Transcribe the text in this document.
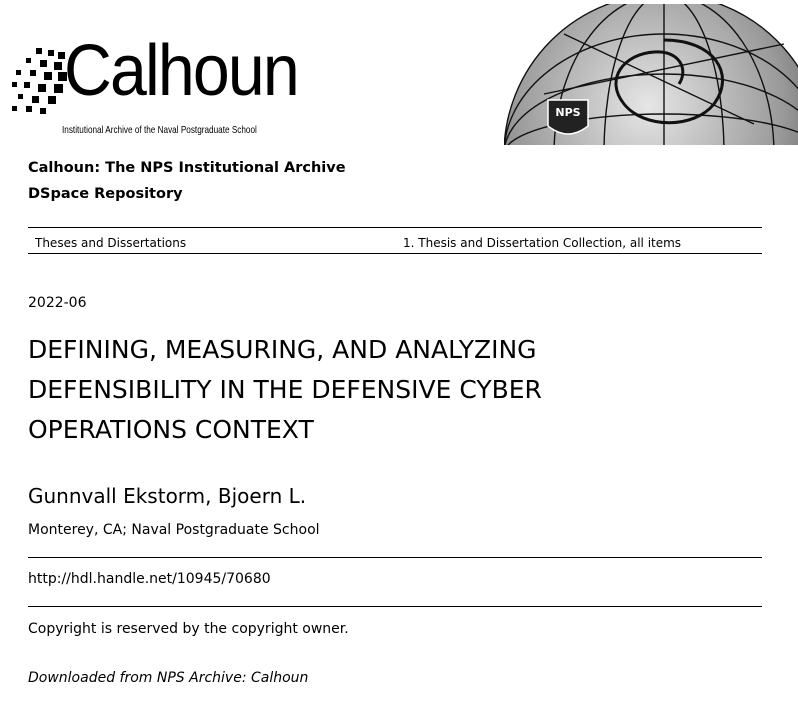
Calhoun
Institutional Archive of the Naval Postgraduate School
NPS
Calhoun: The NPS Institutional Archive
DSpace Repository
Theses and Dissertations	1. Thesis and Dissertation Collection, all items
2022-06
DEFINING, MEASURING, AND ANALYZING
DEFENSIBILITY IN THE DEFENSIVE CYBER
OPERATIONS CONTEXT
Gunnvall Ekstorm, Bjoern L.
Monterey, CA; Naval Postgraduate School
http://hdl.handle.net/10945/70680
Copyright is reserved by the copyright owner.
Downloaded from NPS Archive: Calhoun
